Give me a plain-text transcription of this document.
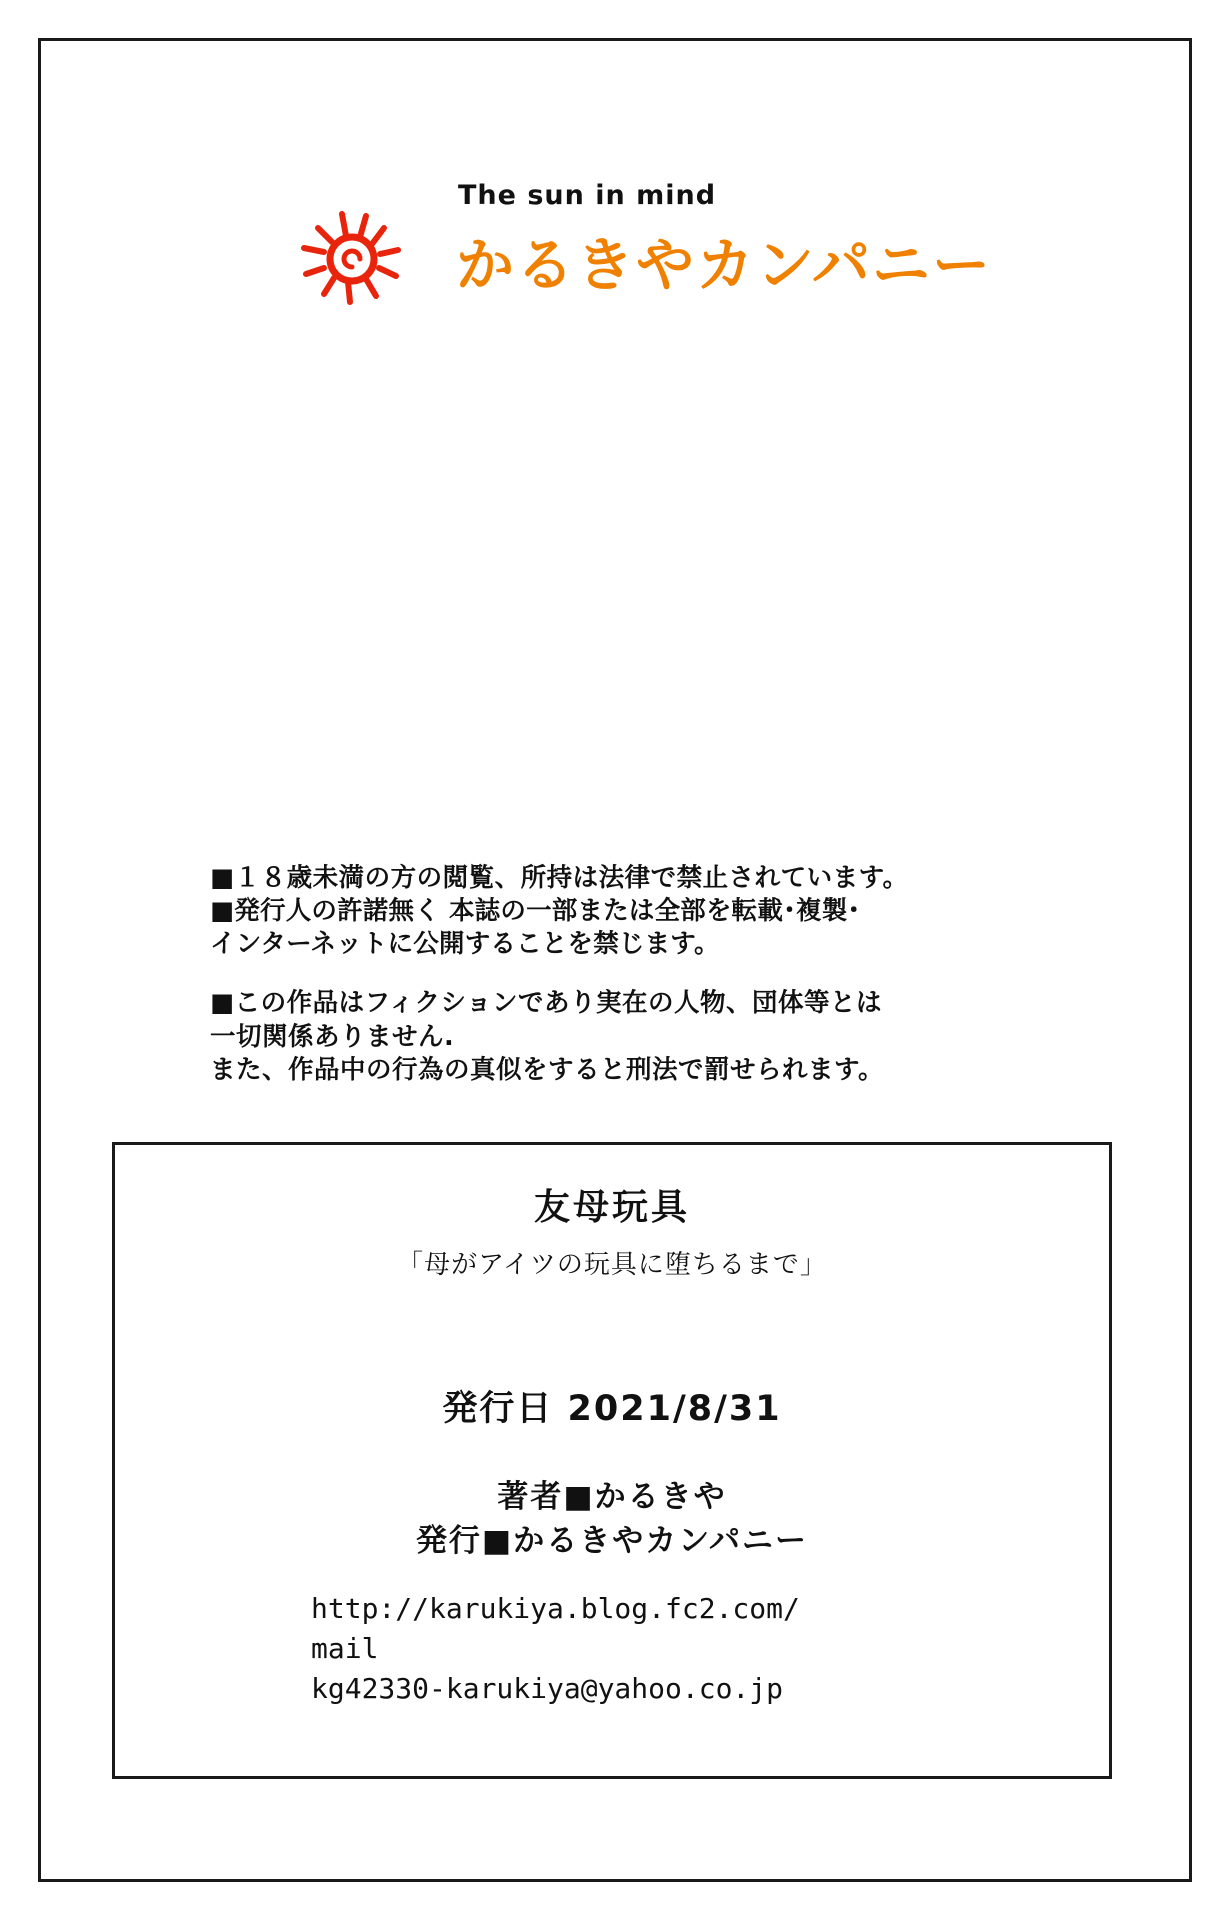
The sun in mind
かるきやカンパニー

■１８歳未満の方の閲覧、所持は法律で禁止されています。

■発行人の許諾無く 本誌の一部または全部を転載･複製･

インターネットに公開することを禁じます。

■この作品はフィクションであり実在の人物、団体等とは

一切関係ありません.

また、作品中の行為の真似をすると刑法で罰せられます。

友母玩具
「母がアイツの玩具に堕ちるまで」
発行日 2021/8/31
著者■かるきや
発行■かるきやカンパニー
http://karukiya.blog.fc2.com/
mail
kg42330-karukiya@yahoo.co.jp
